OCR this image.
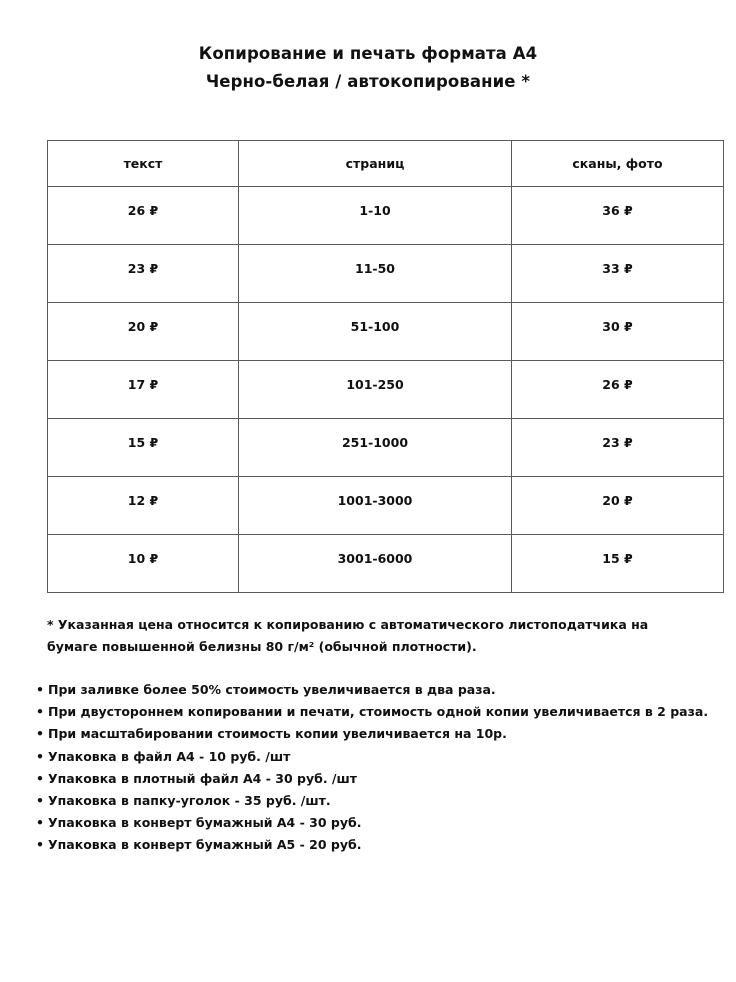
Копирование и печать формата А4
Черно-белая / автокопирование *
текст	страниц	сканы, фото
26 ₽	1-10	36 ₽
23 ₽	11-50	33 ₽
20 ₽	51-100	30 ₽
17 ₽	101-250	26 ₽
15 ₽	251-1000	23 ₽
12 ₽	1001-3000	20 ₽
10 ₽	3001-6000	15 ₽
* Указанная цена относится к копированию с автоматического листоподатчика на
бумаге повышенной белизны 80 г/м² (обычной плотности).
• При заливке более 50% стоимость увеличивается в два раза.
• При двустороннем копировании и печати, стоимость одной копии увеличивается в 2 раза.
• При масштабировании стоимость копии увеличивается на 10р.
• Упаковка в файл А4 - 10 руб. /шт
• Упаковка в плотный файл А4 - 30 руб. /шт
• Упаковка в папку-уголок - 35 руб. /шт.
• Упаковка в конверт бумажный А4 - 30 руб.
• Упаковка в конверт бумажный А5 - 20 руб.
